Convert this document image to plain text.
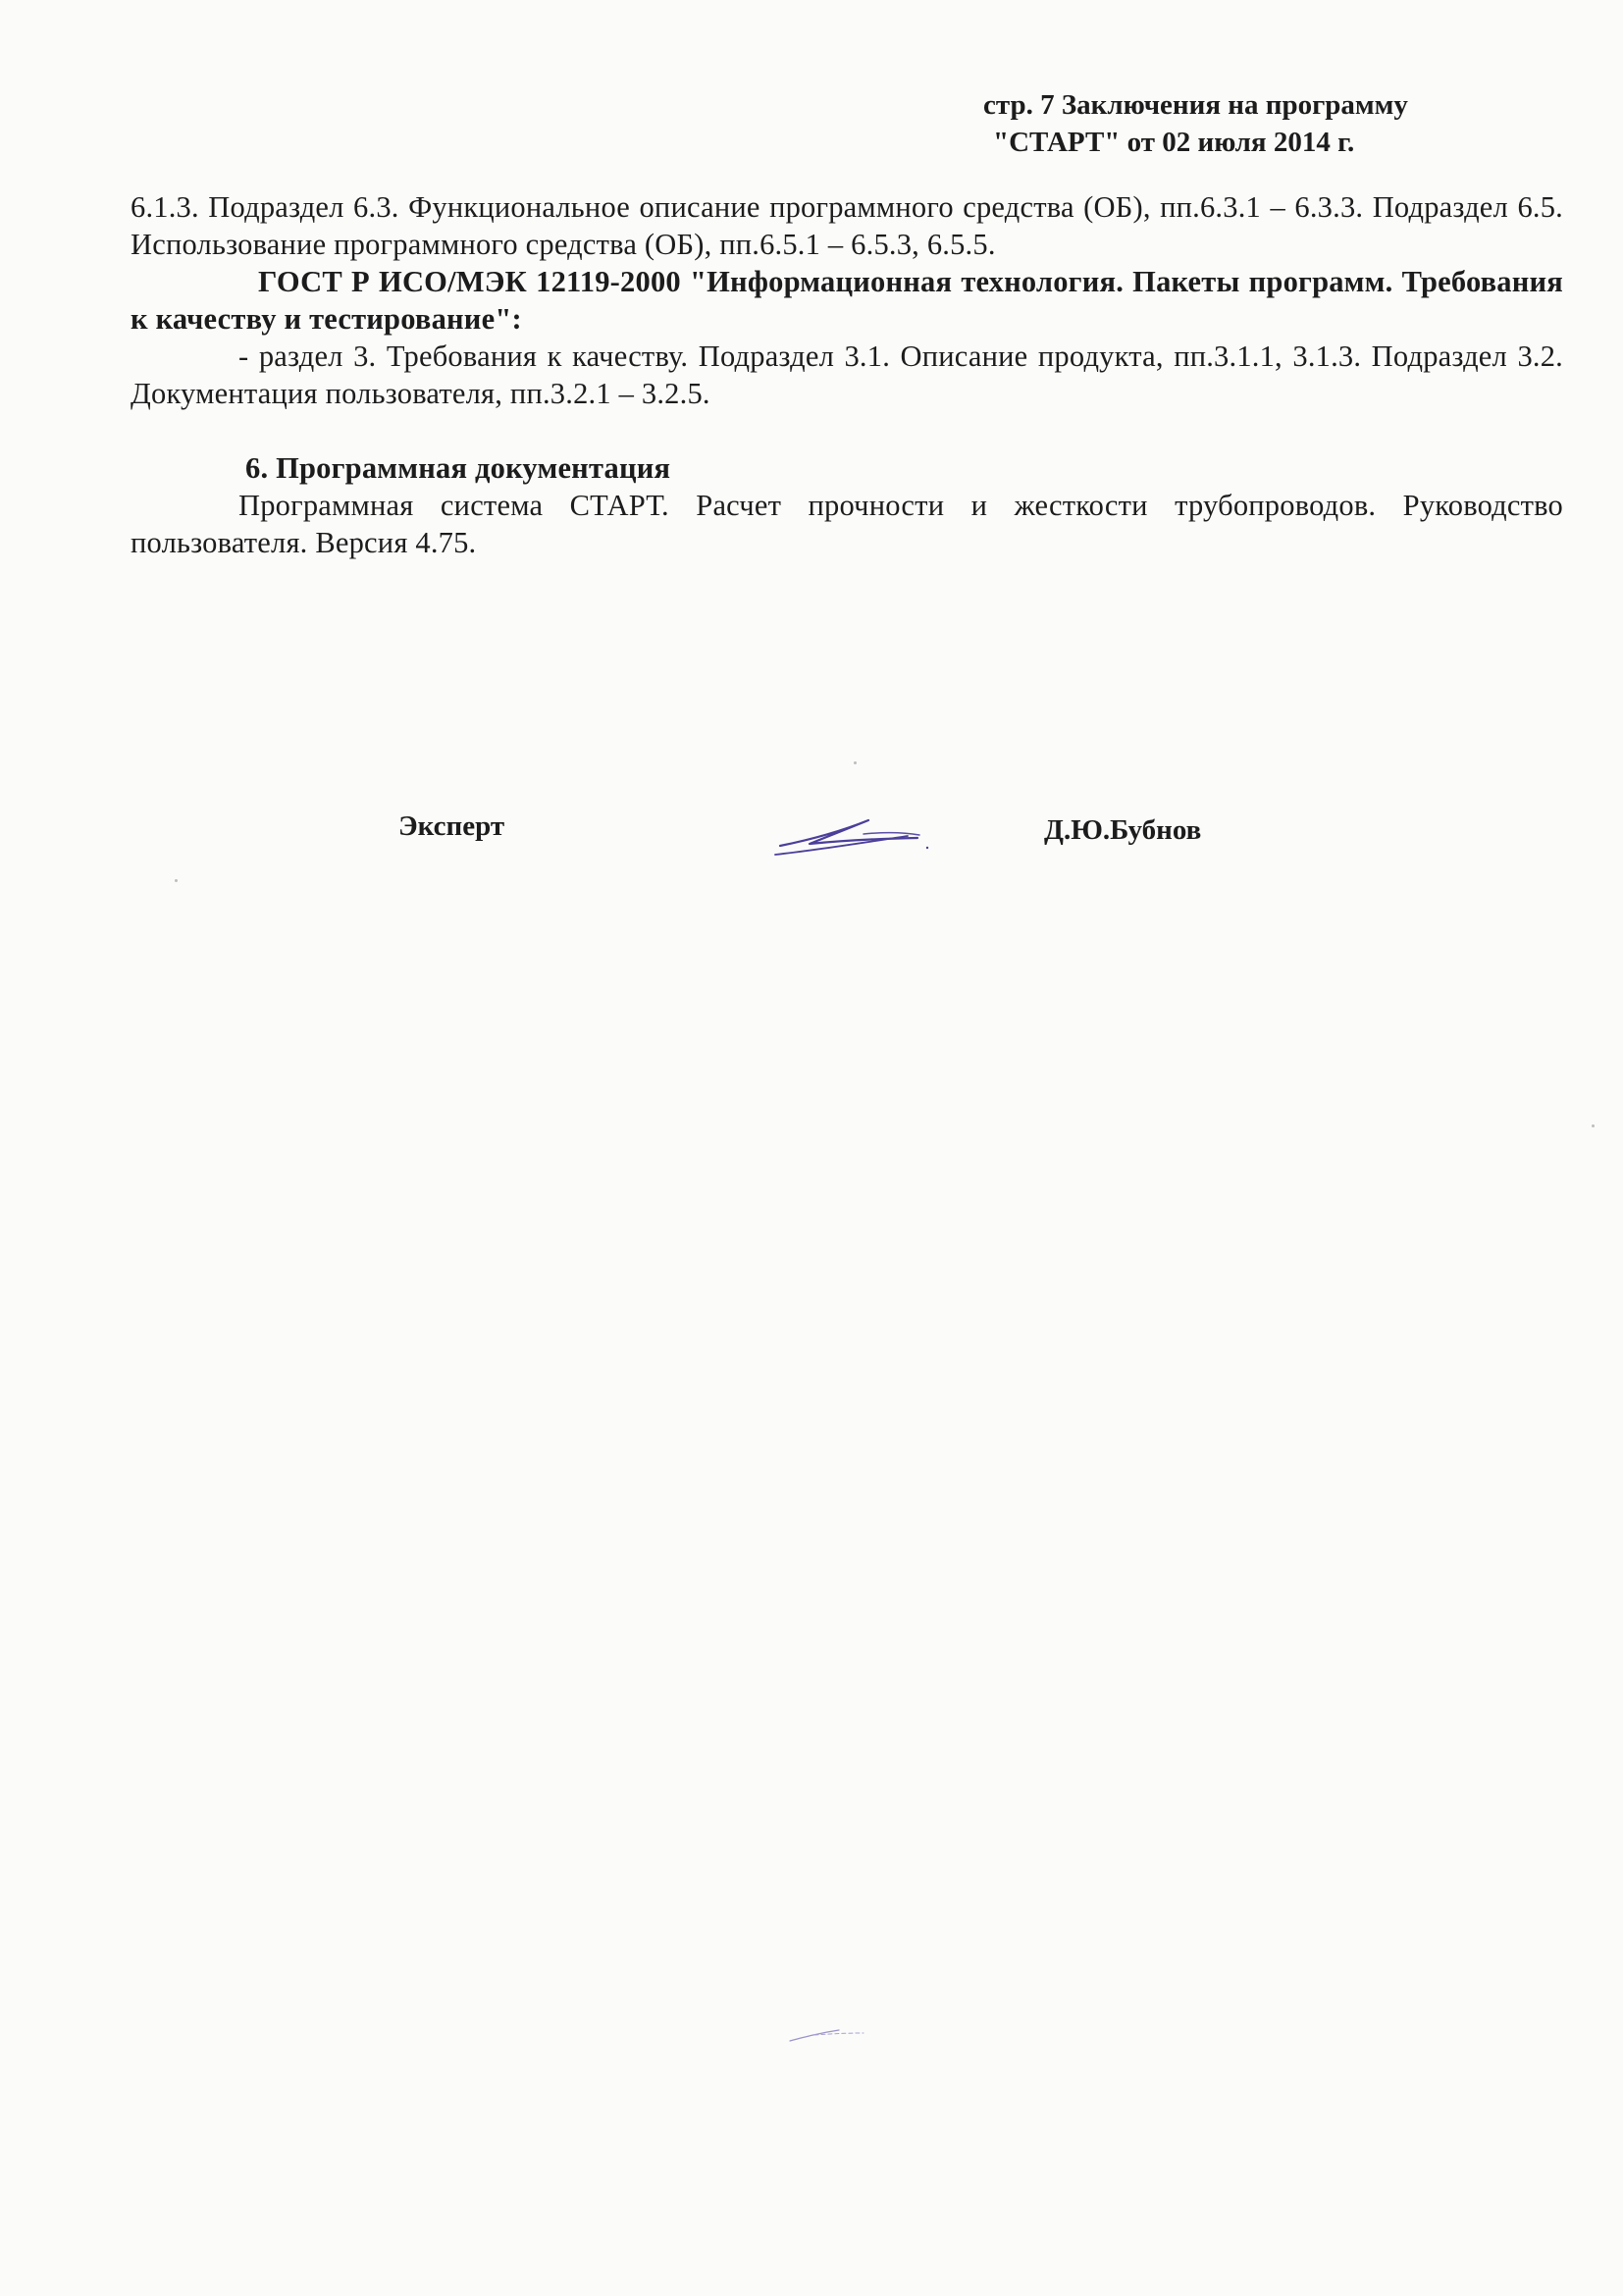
стр. 7 Заключения на программу
"СТАРТ" от 02 июля 2014 г.

6.1.3. Подраздел 6.3. Функциональное описание программного средства (ОБ), пп.6.3.1 – 6.3.3. Подраздел 6.5. Использование программного средства (ОБ), пп.6.5.1 – 6.5.3, 6.5.5.

ГОСТ Р ИСО/МЭК 12119-2000 "Информационная технология. Пакеты программ. Требования к качеству и тестирование":

- раздел 3. Требования к качеству. Подраздел 3.1. Описание продукта, пп.3.1.1, 3.1.3. Подраздел 3.2. Документация пользователя, пп.3.2.1 – 3.2.5.

6. Программная документация

Программная система СТАРТ. Расчет прочности и жесткости трубопроводов. Руководство пользователя. Версия 4.75.

Эксперт	Д.Ю.Бубнов
